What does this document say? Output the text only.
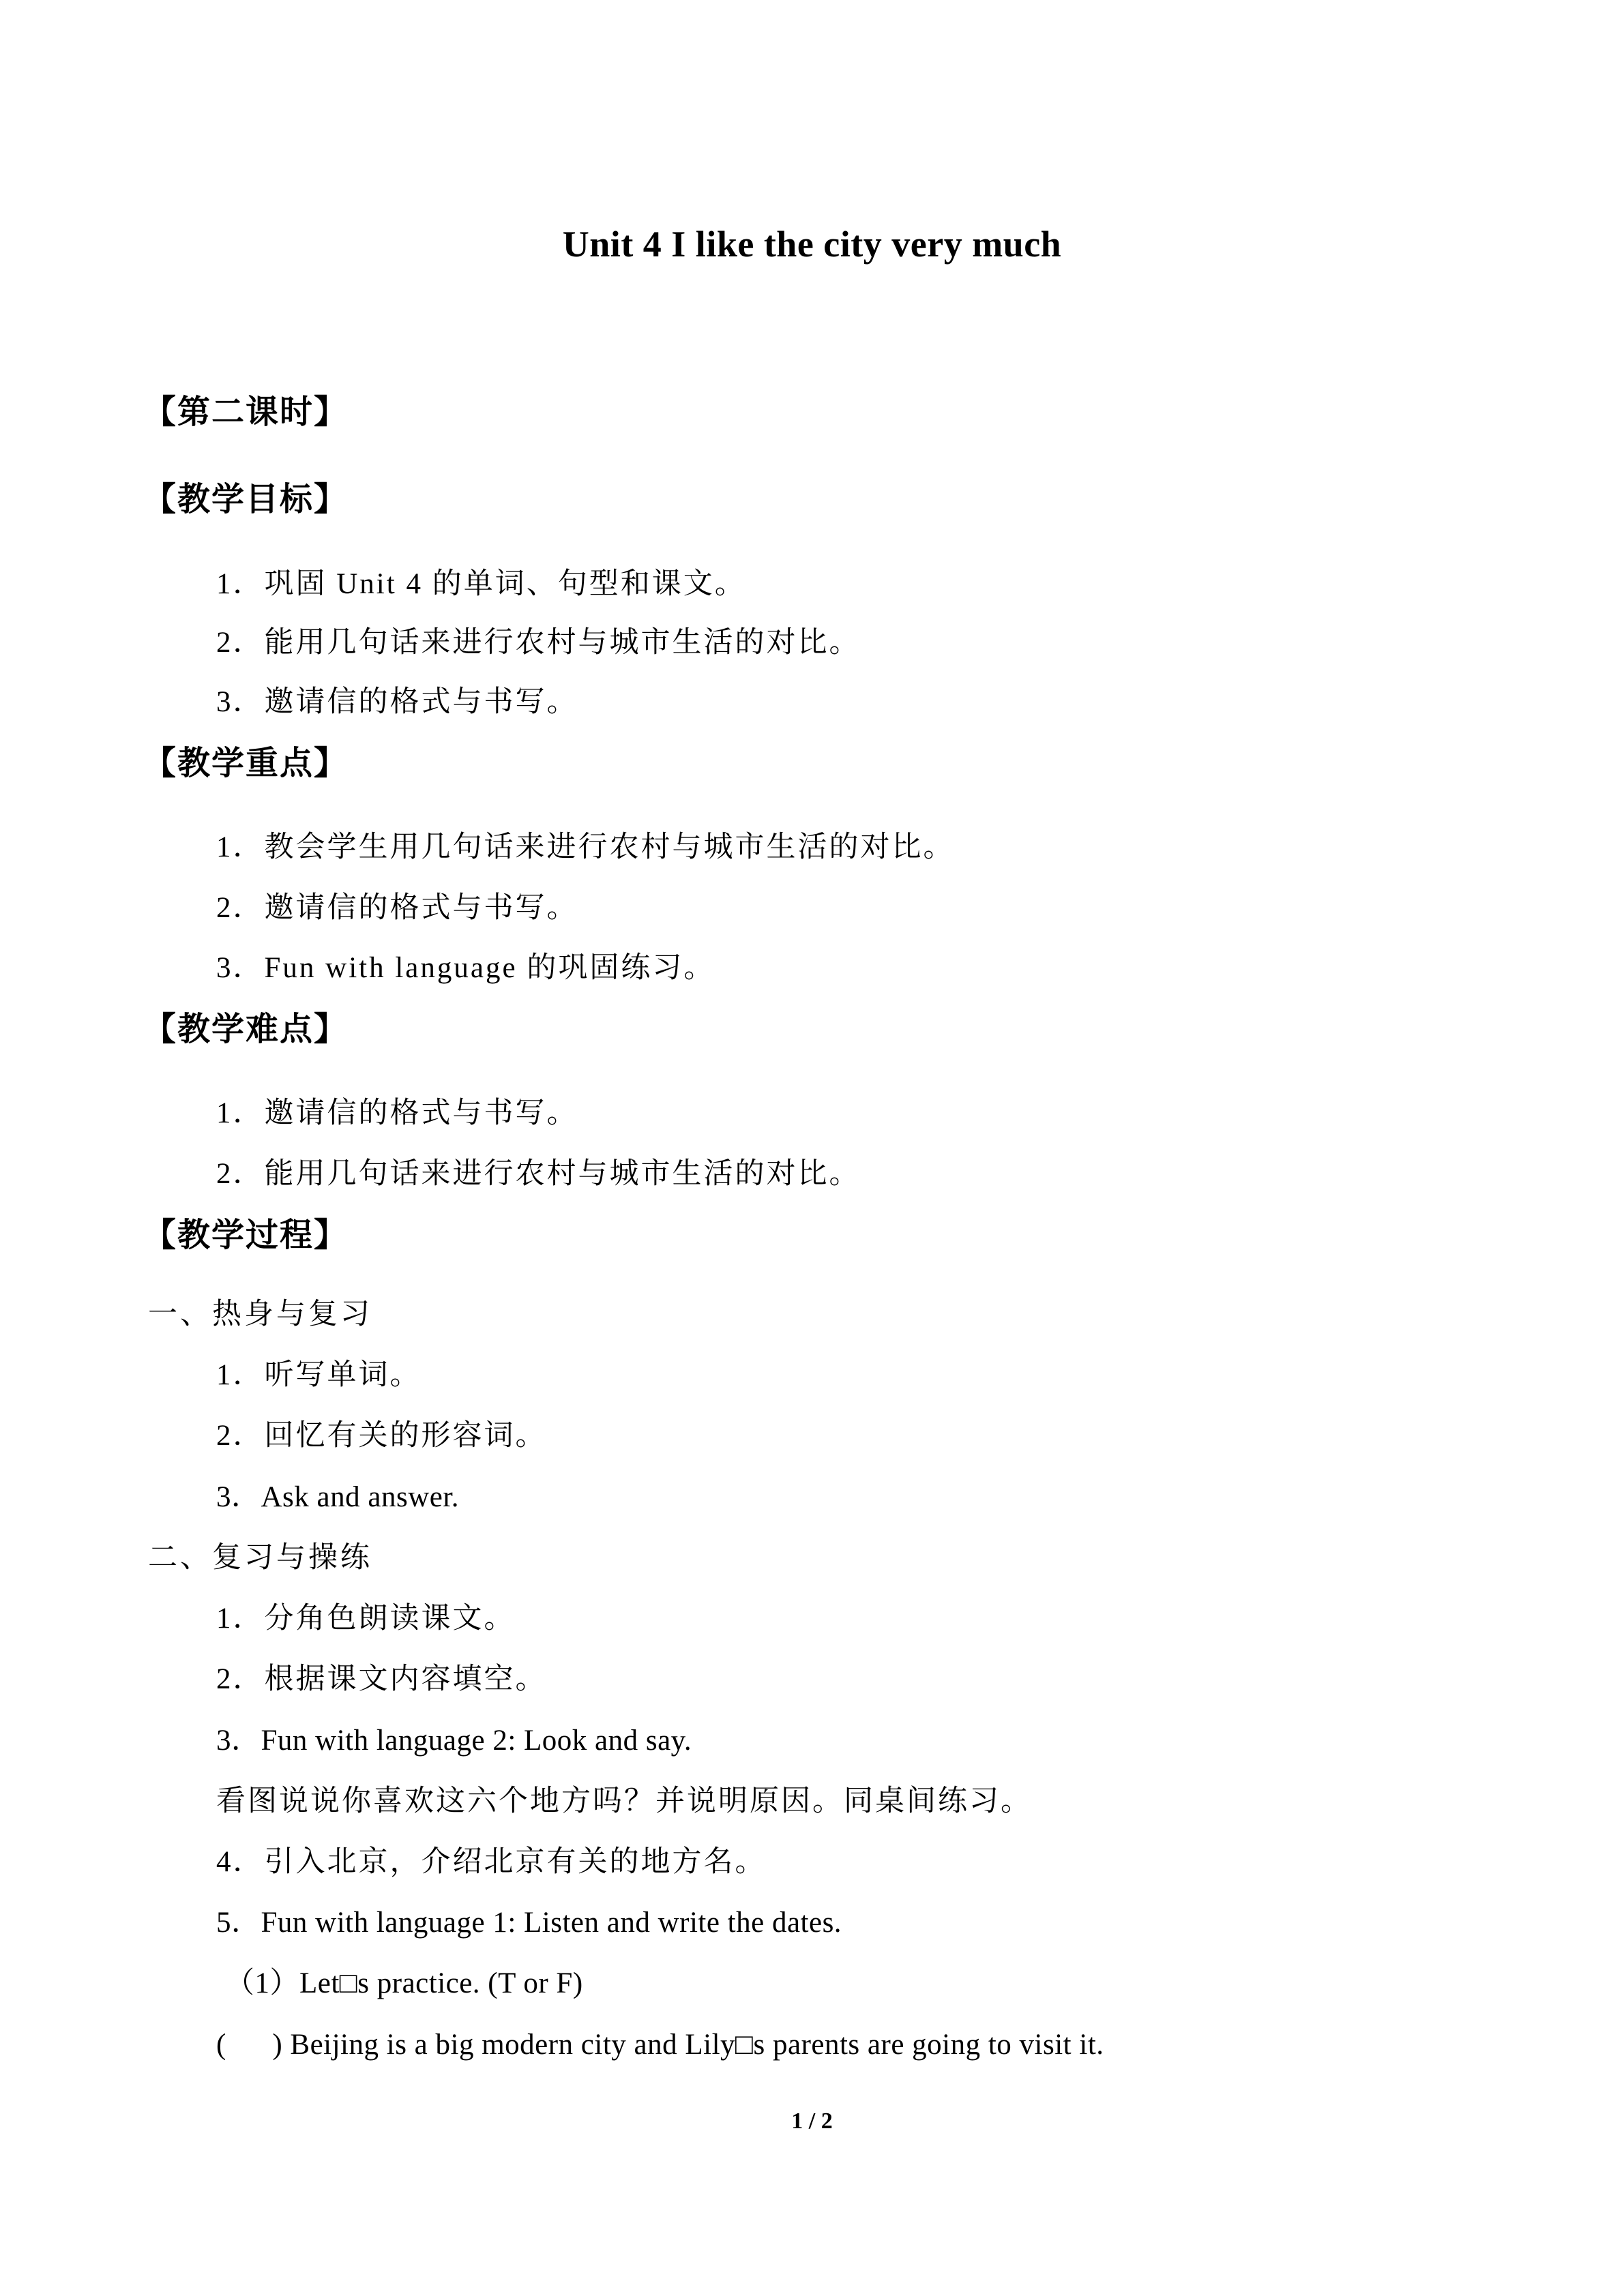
Unit 4 I like the city very much
【第二课时】
【教学目标】
1．巩固 Unit 4 的单词、句型和课文。
2．能用几句话来进行农村与城市生活的对比。
3．邀请信的格式与书写。
【教学重点】
1．教会学生用几句话来进行农村与城市生活的对比。
2．邀请信的格式与书写。
3．Fun with language 的巩固练习。
【教学难点】
1．邀请信的格式与书写。
2．能用几句话来进行农村与城市生活的对比。
【教学过程】
一、热身与复习
1．听写单词。
2．回忆有关的形容词。
3．Ask and answer.
二、复习与操练
1．分角色朗读课文。
2．根据课文内容填空。
3．Fun with language 2: Look and say.
看图说说你喜欢这六个地方吗？并说明原因。同桌间练习。
4．引入北京，介绍北京有关的地方名。
5．Fun with language 1: Listen and write the dates.
（1）Let□s practice. (T or F)
(      ) Beijing is a big modern city and Lily□s parents are going to visit it.
1 / 2
